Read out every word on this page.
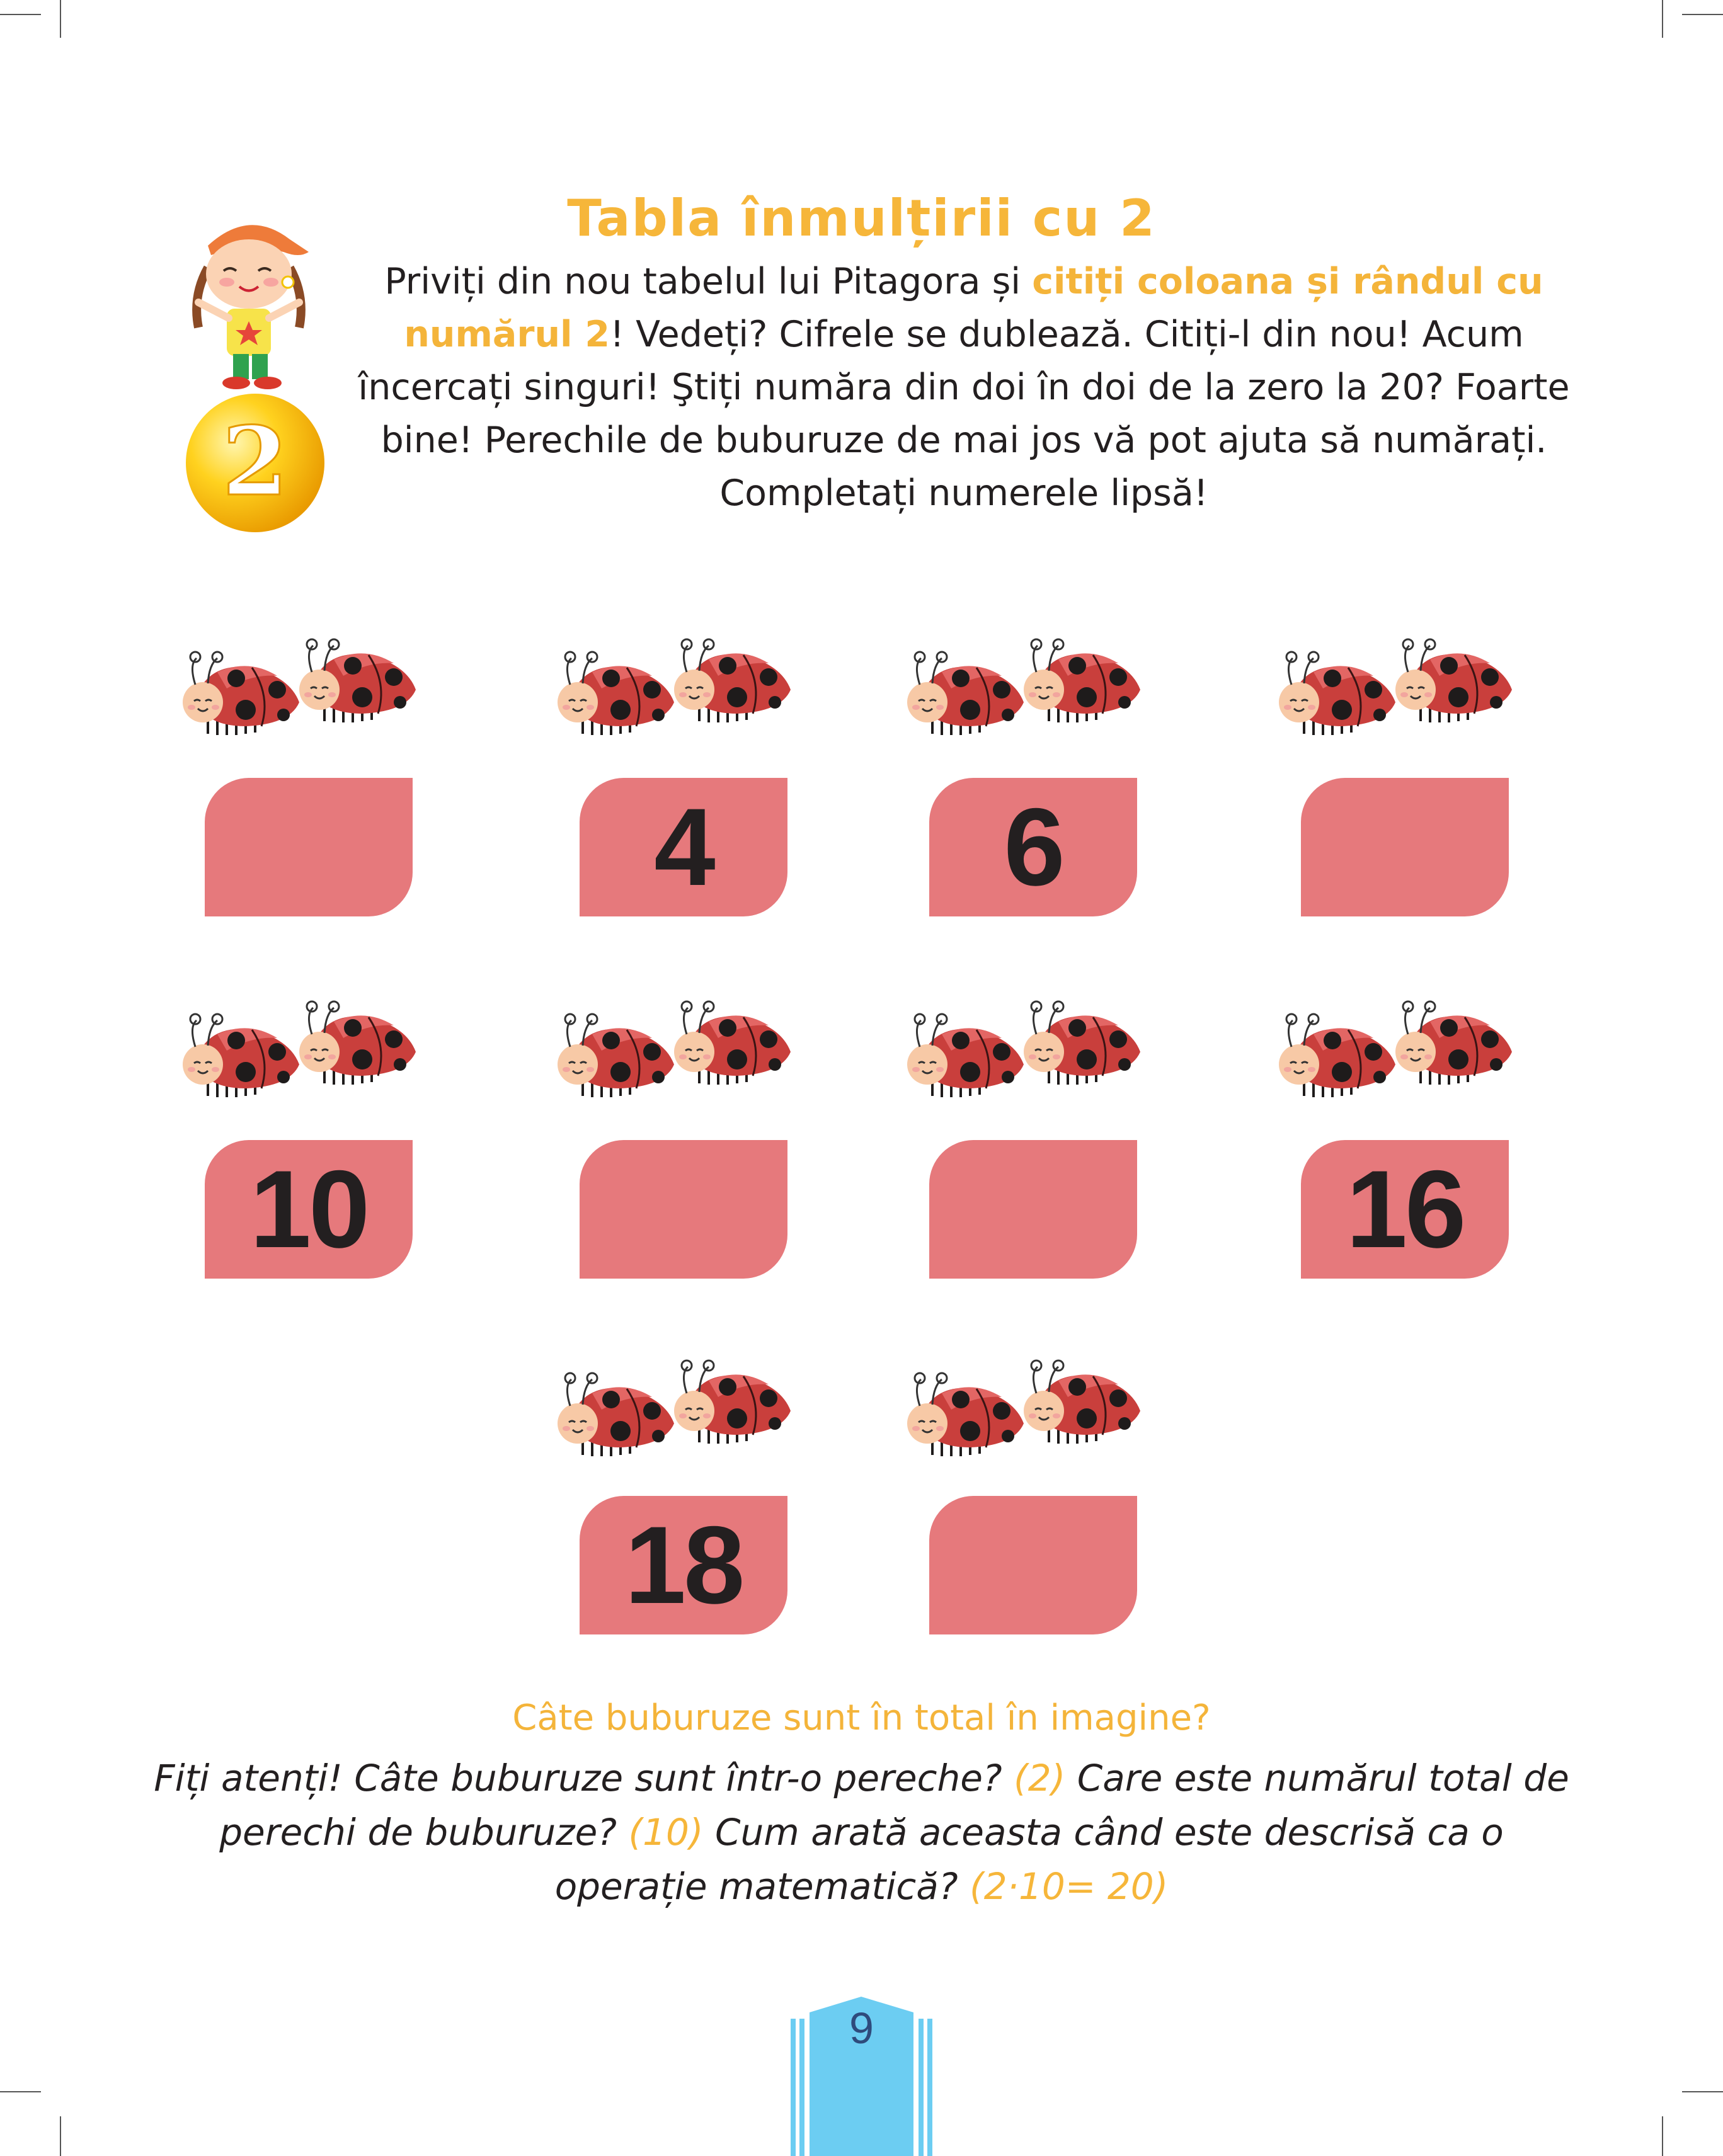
2
Tabla înmulțirii cu 2
Priviți din nou tabelul lui Pitagora și citiți coloana și rândul cu numărul 2! Vedeți? Cifrele se dublează. Citiți-l din nou! Acum încercați singuri! Ştiți număra din doi în doi de la zero la 20? Foarte bine! Perechile de buburuze de mai jos vă pot ajuta să numărați. Completați numerele lipsă!
4	6
10	16
18
Câte buburuze sunt în total în imagine?
Fiți atenți! Câte buburuze sunt într-o pereche? (2) Care este numărul total de perechi de buburuze? (10) Cum arată aceasta când este descrisă ca o operație matematică? (2·10= 20)
9
